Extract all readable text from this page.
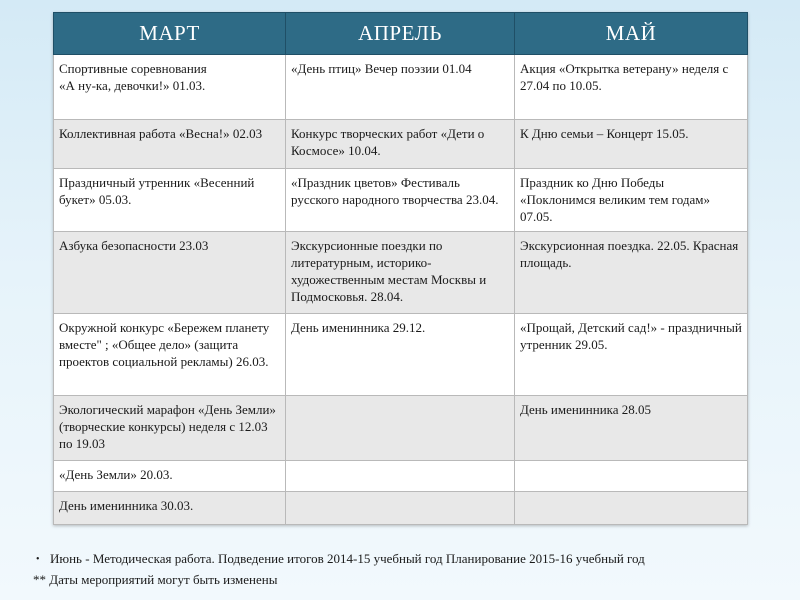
МАРТ	АПРЕЛЬ	МАЙ
Спортивные соревнования
«А ну-ка, девочки!» 01.03.	«День птиц» Вечер поэзии 01.04	Акция «Открытка ветерану» неделя с 27.04 по 10.05.
Коллективная работа «Весна!» 02.03	Конкурс творческих работ «Дети о Космосе» 10.04.	К Дню семьи – Концерт 15.05.
Праздничный утренник «Весенний букет» 05.03.	«Праздник цветов» Фестиваль русского народного творчества 23.04.	Праздник ко Дню Победы «Поклонимся великим тем годам» 07.05.
Азбука безопасности 23.03	Экскурсионные поездки по литературным, историко-художественным местам Москвы и Подмосковья. 28.04.	Экскурсионная поездка. 22.05. Красная площадь.
Окружной конкурс «Бережем планету вместе" ; «Общее дело» (защита проектов социальной рекламы) 26.03.	День именинника 29.12.	«Прощай, Детский сад!» - праздничный утренник 29.05.
Экологический марафон «День Земли» (творческие конкурсы) неделя с 12.03 по 19.03		День именинника 28.05
«День Земли» 20.03.		
День именинника 30.03.		
• Июнь - Методическая работа. Подведение итогов 2014-15 учебный год Планирование 2015-16 учебный год
** Даты мероприятий могут быть изменены
